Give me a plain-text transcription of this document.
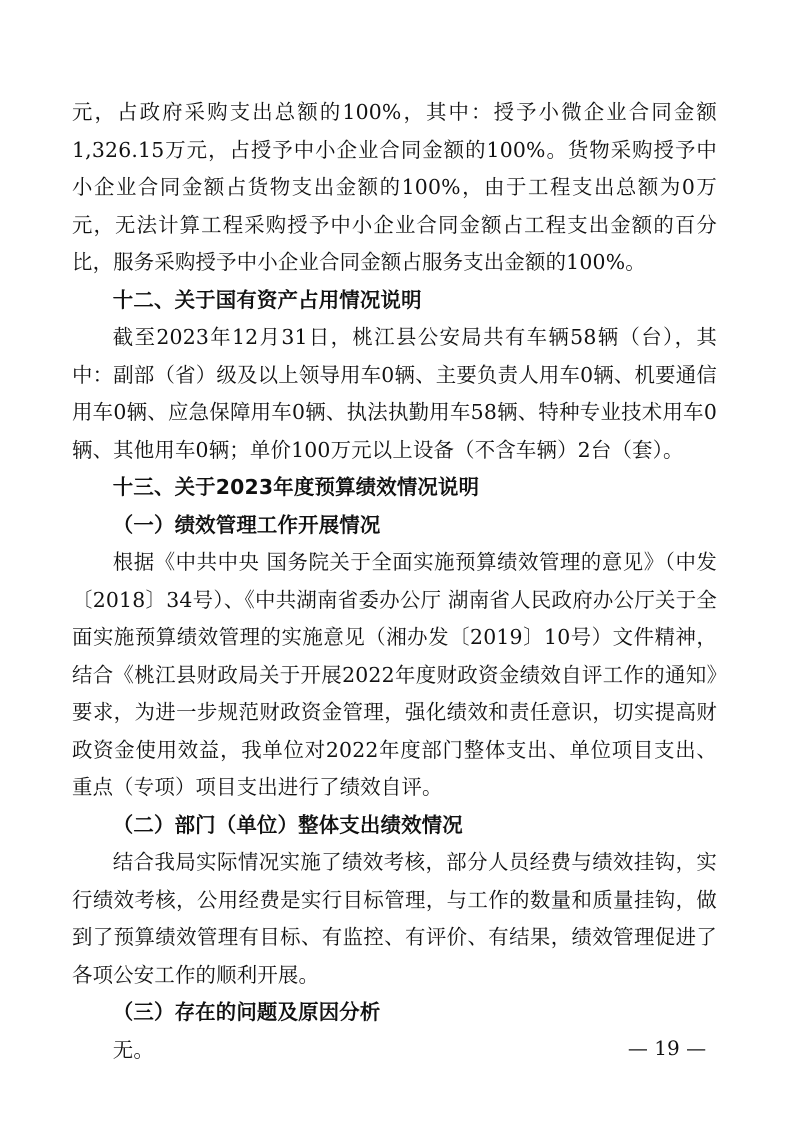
元，占政府采购支出总额的100%，其中：授予小微企业合同金额1,326.15万元，占授予中小企业合同金额的100%。货物采购授予中小企业合同金额占货物支出金额的100%，由于工程支出总额为0万元，无法计算工程采购授予中小企业合同金额占工程支出金额的百分比，服务采购授予中小企业合同金额占服务支出金额的100%。

十二、关于国有资产占用情况说明

截至2023年12月31日，桃江县公安局共有车辆58辆（台），其中：副部（省）级及以上领导用车0辆、主要负责人用车0辆、机要通信用车0辆、应急保障用车0辆、执法执勤用车58辆、特种专业技术用车0辆、其他用车0辆；单价100万元以上设备（不含车辆）2台（套）。

十三、关于2023年度预算绩效情况说明

（一）绩效管理工作开展情况

根据《中共中央 国务院关于全面实施预算绩效管理的意见》（中发〔2018〕34号）、《中共湖南省委办公厅 湖南省人民政府办公厅关于全面实施预算绩效管理的实施意见（湘办发〔2019〕10号）文件精神，结合《桃江县财政局关于开展2022年度财政资金绩效自评工作的通知》要求，为进一步规范财政资金管理，强化绩效和责任意识，切实提高财政资金使用效益，我单位对2022年度部门整体支出、单位项目支出、重点（专项）项目支出进行了绩效自评。

（二）部门（单位）整体支出绩效情况

结合我局实际情况实施了绩效考核，部分人员经费与绩效挂钩，实行绩效考核，公用经费是实行目标管理，与工作的数量和质量挂钩，做到了预算绩效管理有目标、有监控、有评价、有结果，绩效管理促进了各项公安工作的顺利开展。

（三）存在的问题及原因分析

无。	— 19 —
